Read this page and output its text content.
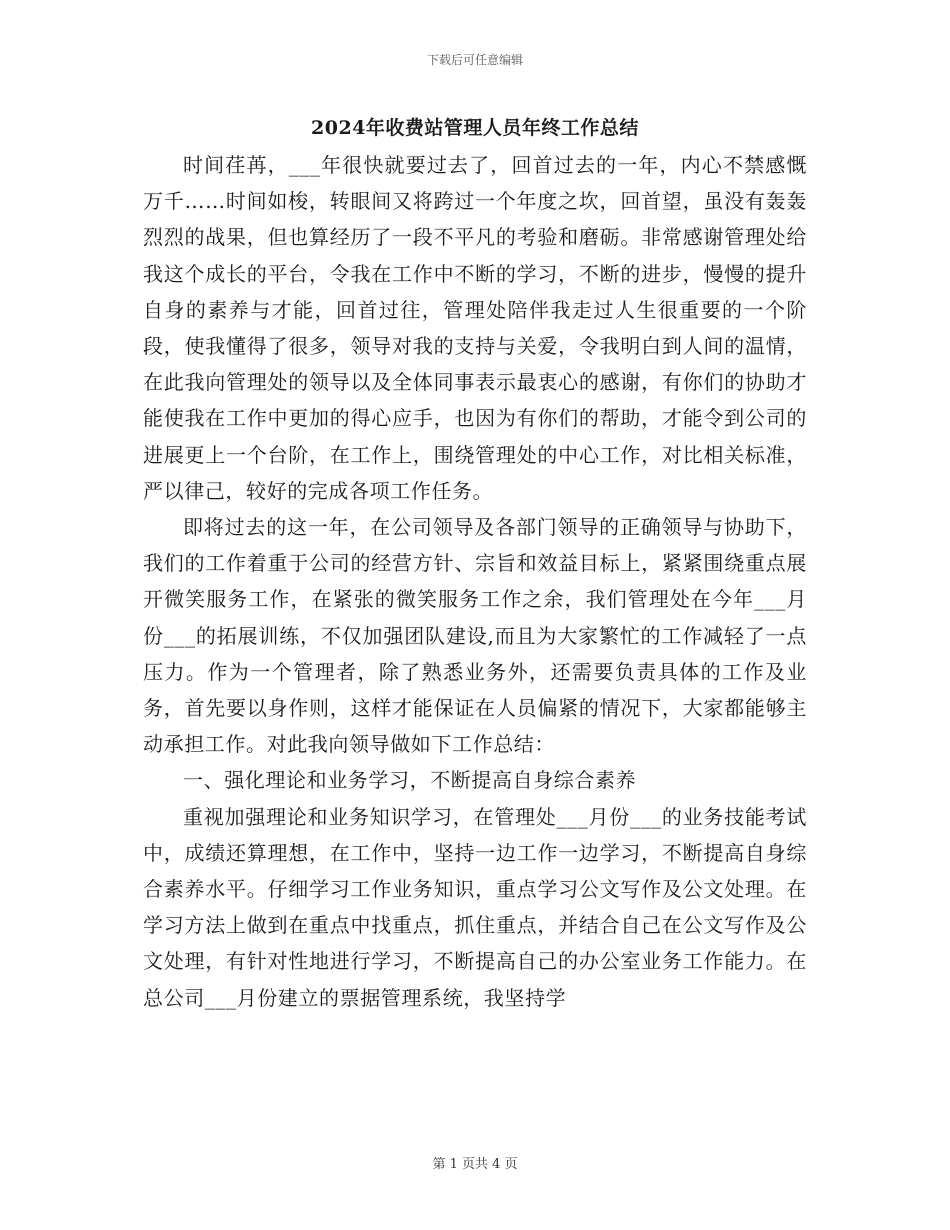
下载后可任意编辑
2024年收费站管理人员年终工作总结

时间荏苒，___年很快就要过去了，回首过去的一年，内心不禁感慨万千……时间如梭，转眼间又将跨过一个年度之坎，回首望，虽没有轰轰烈烈的战果，但也算经历了一段不平凡的考验和磨砺。非常感谢管理处给我这个成长的平台，令我在工作中不断的学习，不断的进步，慢慢的提升自身的素养与才能，回首过往，管理处陪伴我走过人生很重要的一个阶段，使我懂得了很多，领导对我的支持与关爱，令我明白到人间的温情，在此我向管理处的领导以及全体同事表示最衷心的感谢，有你们的协助才能使我在工作中更加的得心应手，也因为有你们的帮助，才能令到公司的进展更上一个台阶，在工作上，围绕管理处的中心工作，对比相关标准，严以律己，较好的完成各项工作任务。

即将过去的这一年，在公司领导及各部门领导的正确领导与协助下，我们的工作着重于公司的经营方针、宗旨和效益目标上，紧紧围绕重点展开微笑服务工作，在紧张的微笑服务工作之余，我们管理处在今年___月份___的拓展训练，不仅加强团队建设,而且为大家繁忙的工作减轻了一点压力。作为一个管理者，除了熟悉业务外，还需要负责具体的工作及业务，首先要以身作则，这样才能保证在人员偏紧的情况下，大家都能够主动承担工作。对此我向领导做如下工作总结：

一、强化理论和业务学习，不断提高自身综合素养

重视加强理论和业务知识学习，在管理处___月份___的业务技能考试中，成绩还算理想，在工作中，坚持一边工作一边学习，不断提高自身综合素养水平。仔细学习工作业务知识，重点学习公文写作及公文处理。在学习方法上做到在重点中找重点，抓住重点，并结合自己在公文写作及公文处理，有针对性地进行学习，不断提高自己的办公室业务工作能力。在总公司___月份建立的票据管理系统，我坚持学

第 1 页共 4 页
